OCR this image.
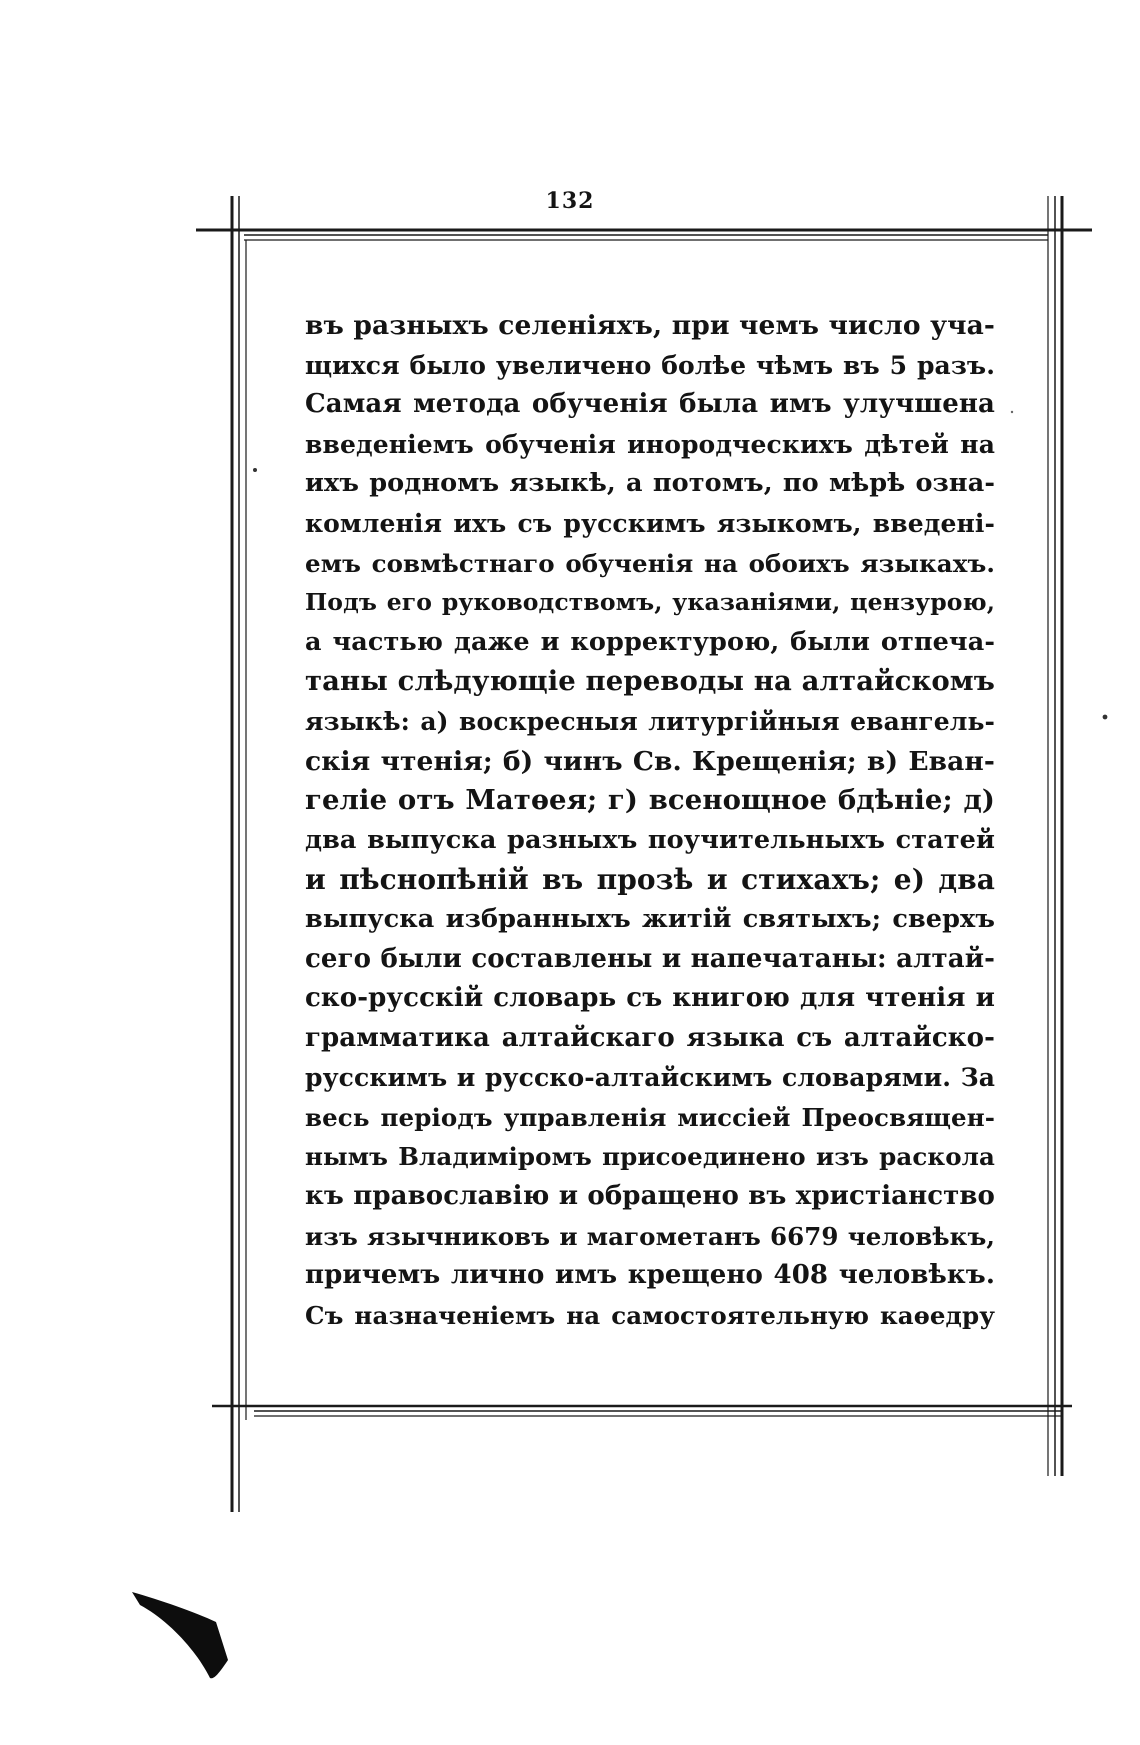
132
въ разныхъ селеніяхъ, при чемъ число уча-
щихся было увеличено болѣе чѣмъ въ 5 разъ.
Самая метода обученія была имъ улучшена
введеніемъ обученія инородческихъ дѣтей на
ихъ родномъ языкѣ, а потомъ, по мѣрѣ озна-
комленія ихъ съ русскимъ языкомъ, введені-
емъ совмѣстнаго обученія на обоихъ языкахъ.
Подъ его руководствомъ, указаніями, цензурою,
а частью даже и корректурою, были отпеча-
таны слѣдующіе переводы на алтайскомъ
языкѣ: а) воскресныя литургійныя евангель-
скія чтенія; б) чинъ Св. Крещенія; в) Еван-
геліе отъ Матѳея; г) всенощное бдѣніе; д)
два выпуска разныхъ поучительныхъ статей
и пѣснопѣній въ прозѣ и стихахъ; е) два
выпуска избранныхъ житій святыхъ; сверхъ
сего были составлены и напечатаны: алтай-
ско-русскій словарь съ книгою для чтенія и
грамматика алтайскаго языка съ алтайско-
русскимъ и русско-алтайскимъ словарями. За
весь періодъ управленія миссіей Преосвящен-
нымъ Владиміромъ присоединено изъ раскола
къ православію и обращено въ христіанство
изъ язычниковъ и магометанъ 6679 человѣкъ,
причемъ лично имъ крещено 408 человѣкъ.
Съ назначеніемъ на самостоятельную каѳедру
